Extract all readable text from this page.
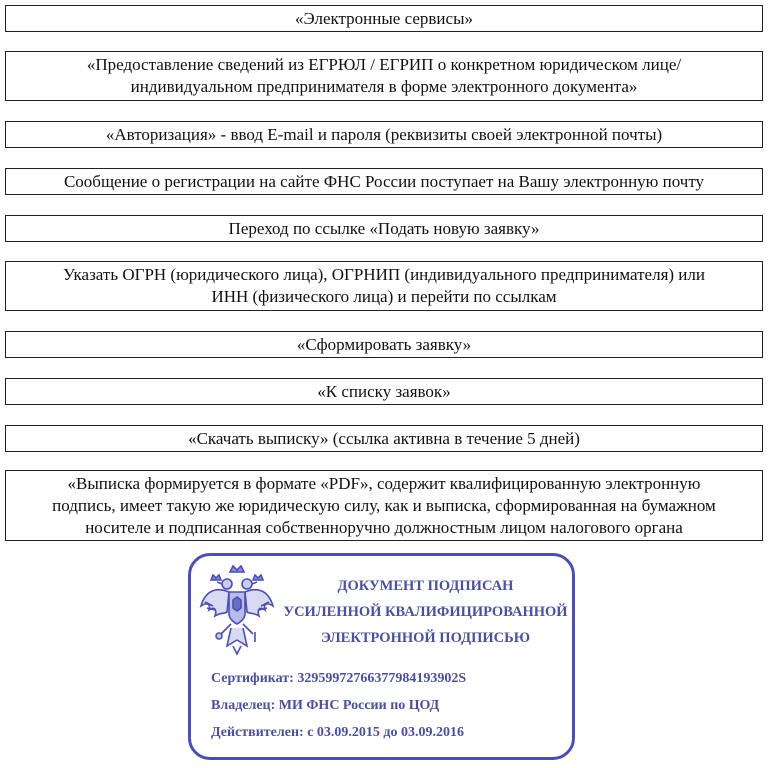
«Электронные сервисы»
«Предоставление сведений из ЕГРЮЛ / ЕГРИП о конкретном юридическом лице/
индивидуальном предпринимателя в форме электронного документа»
«Авторизация» - ввод E-mail и пароля (реквизиты своей электронной почты)
Сообщение о регистрации на сайте ФНС России поступает на Вашу электронную почту
Переход по ссылке «Подать новую заявку»
Указать ОГРН (юридического лица), ОГРНИП (индивидуального предпринимателя) или
ИНН (физического лица) и перейти по ссылкам
«Сформировать заявку»
«К списку заявок»
«Скачать выписку» (ссылка активна в течение 5 дней)
«Выписка формируется в формате «PDF», содержит квалифицированную электронную
подпись, имеет такую же юридическую силу, как и выписка, сформированная на бумажном
носителе и подписанная собственноручно должностным лицом налогового органа
ДОКУМЕНТ ПОДПИСАН
УСИЛЕННОЙ КВАЛИФИЦИРОВАННОЙ
ЭЛЕКТРОННОЙ ПОДПИСЬЮ
Сертификат: 32959972766377984193902S
Владелец: МИ ФНС России по ЦОД
Действителен: с 03.09.2015 до 03.09.2016
